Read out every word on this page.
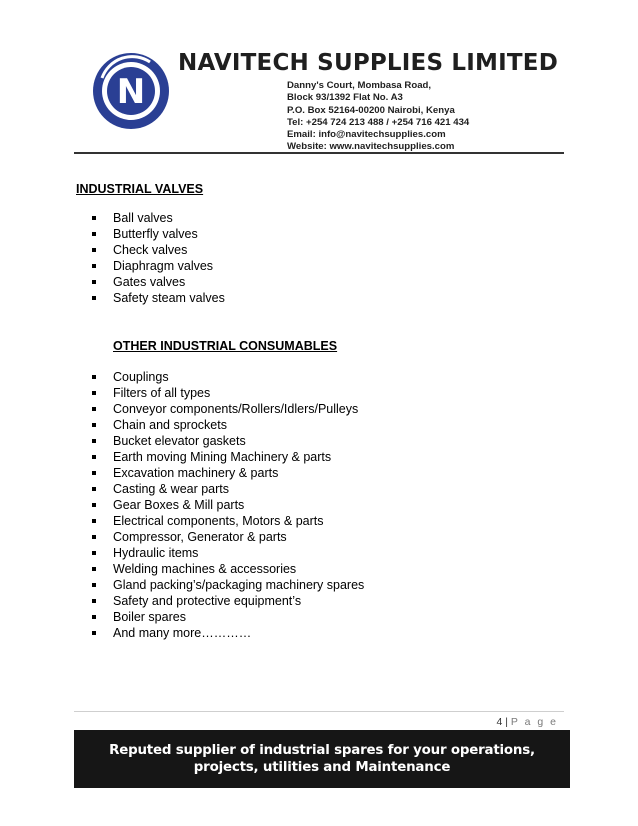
N
NAVITECH SUPPLIES LIMITED
Danny's Court, Mombasa Road,
Block 93/1392 Flat No. A3
P.O. Box 52164-00200 Nairobi, Kenya
Tel: +254 724 213 488 / +254 716 421 434
Email: info@navitechsupplies.com
Website: www.navitechsupplies.com
INDUSTRIAL VALVES
Ball valves
Butterfly valves
Check valves
Diaphragm valves
Gates valves
Safety steam valves
OTHER INDUSTRIAL CONSUMABLES
Couplings
Filters of all types
Conveyor components/Rollers/Idlers/Pulleys
Chain and sprockets
Bucket elevator gaskets
Earth moving Mining Machinery & parts
Excavation machinery & parts
Casting & wear parts
Gear Boxes & Mill parts
Electrical components, Motors & parts
Compressor, Generator & parts
Hydraulic items
Welding machines & accessories
Gland packing’s/packaging machinery spares
Safety and protective equipment’s
Boiler spares
And many more…………
4 | P a g e
Reputed supplier of industrial spares for your operations,
projects, utilities and Maintenance
